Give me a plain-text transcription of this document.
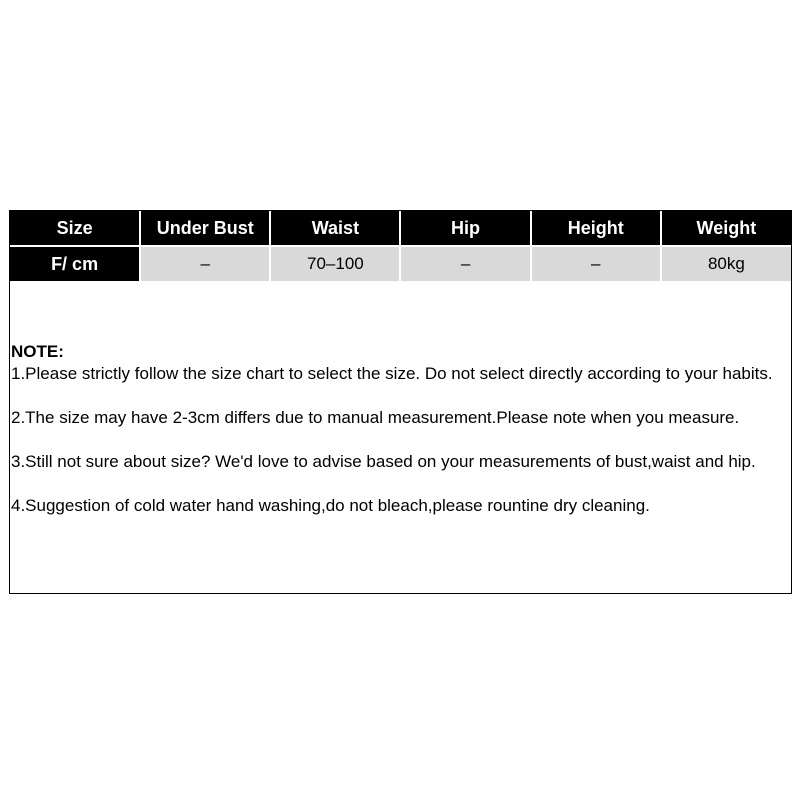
Size	Under Bust	Waist	Hip	Height	Weight
F/ cm	–	70–100	–	–	80kg
NOTE:

1.Please strictly follow the size chart to select the size. Do not select directly according to your habits.

2.The size may have 2-3cm differs due to manual measurement.Please note when you measure.

3.Still not sure about size? We'd love to advise based on your measurements of bust,waist and hip.

4.Suggestion of cold water hand washing,do not bleach,please rountine dry cleaning.
